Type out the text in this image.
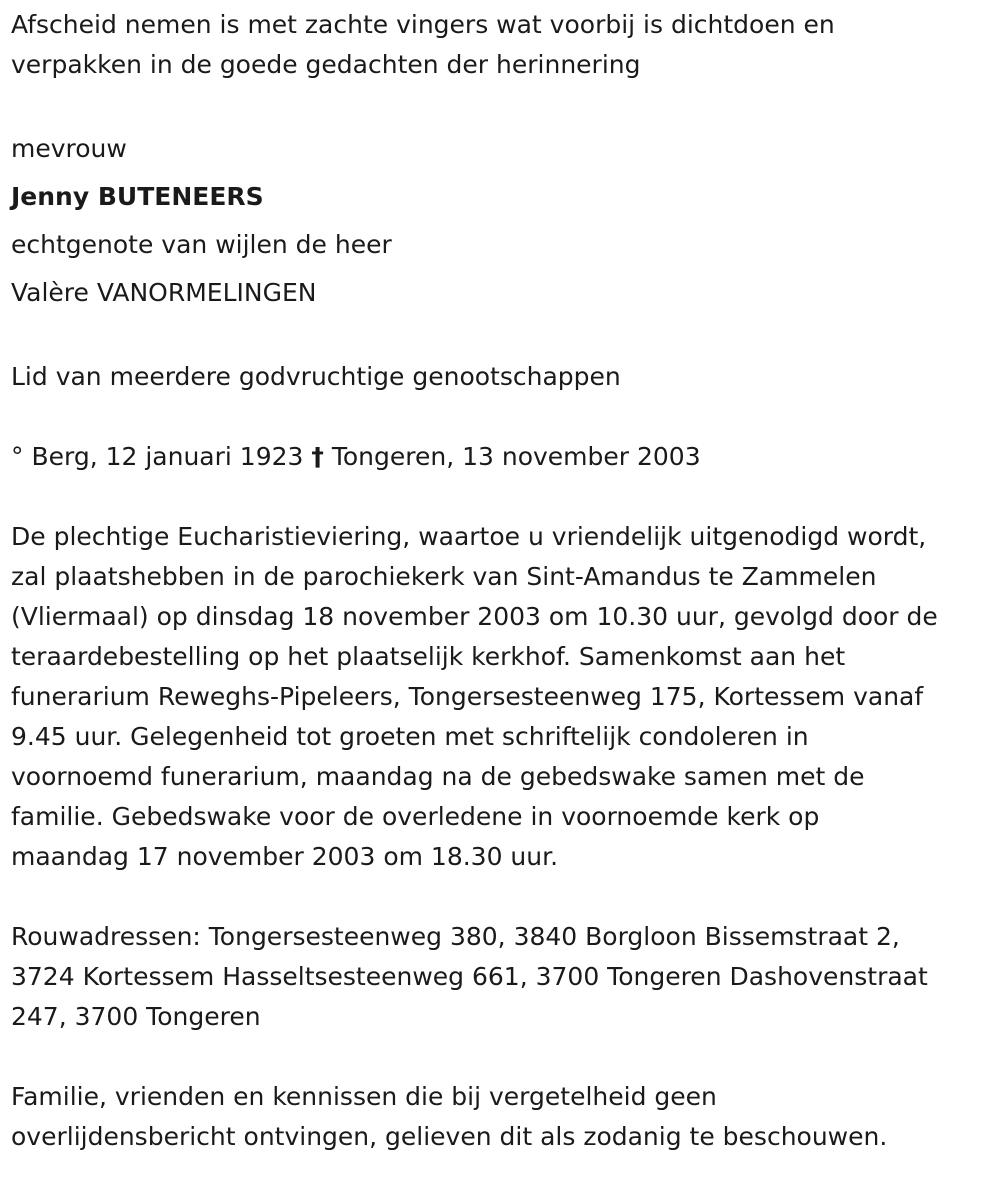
Afscheid nemen is met zachte vingers wat voorbij is dichtdoen en
verpakken in de goede gedachten der herinnering
mevrouw
Jenny BUTENEERS
echtgenote van wijlen de heer
Valère VANORMELINGEN
Lid van meerdere godvruchtige genootschappen
° Berg, 12 januari 1923 † Tongeren, 13 november 2003
De plechtige Eucharistieviering, waartoe u vriendelijk uitgenodigd wordt,
zal plaatshebben in de parochiekerk van Sint-Amandus te Zammelen
(Vliermaal) op dinsdag 18 november 2003 om 10.30 uur, gevolgd door de
teraardebestelling op het plaatselijk kerkhof. Samenkomst aan het
funerarium Reweghs-Pipeleers, Tongersesteenweg 175, Kortessem vanaf
9.45 uur. Gelegenheid tot groeten met schriftelijk condoleren in
voornoemd funerarium, maandag na de gebedswake samen met de
familie. Gebedswake voor de overledene in voornoemde kerk op
maandag 17 november 2003 om 18.30 uur.
Rouwadressen: Tongersesteenweg 380, 3840 Borgloon Bissemstraat 2,
3724 Kortessem Hasseltsesteenweg 661, 3700 Tongeren Dashovenstraat
247, 3700 Tongeren
Familie, vrienden en kennissen die bij vergetelheid geen
overlijdensbericht ontvingen, gelieven dit als zodanig te beschouwen.
